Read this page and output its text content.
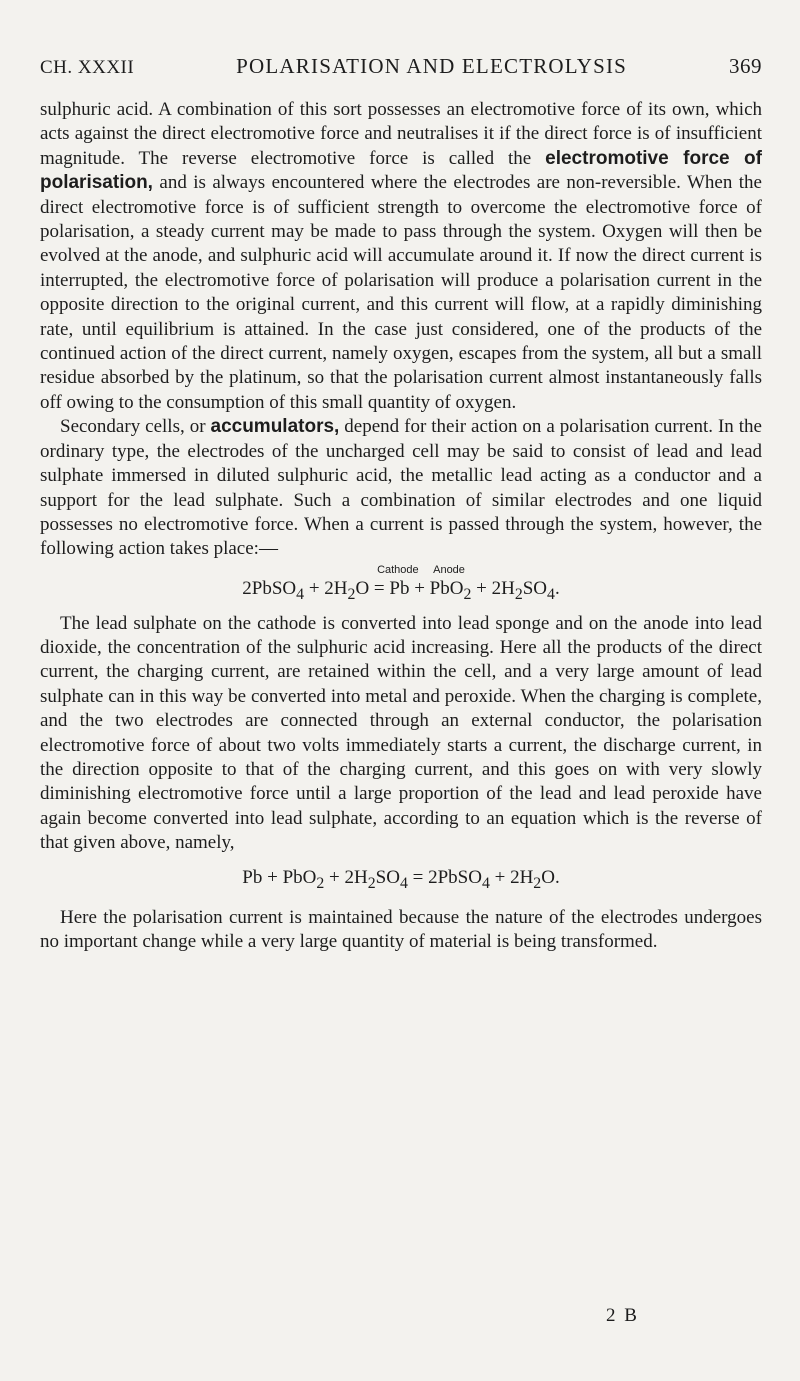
CH. XXXII	POLARISATION AND ELECTROLYSIS	369

sulphuric acid. A combination of this sort possesses an electromotive force of its own, which acts against the direct electromotive force and neutralises it if the direct force is of insufficient magnitude. The reverse electromotive force is called the electromotive force of polarisation, and is always encountered where the electrodes are non-reversible. When the direct electromotive force is of sufficient strength to overcome the electromotive force of polarisation, a steady current may be made to pass through the system. Oxygen will then be evolved at the anode, and sulphuric acid will accumulate around it. If now the direct current is interrupted, the electromotive force of polarisation will produce a polarisation current in the opposite direction to the original current, and this current will flow, at a rapidly diminishing rate, until equilibrium is attained. In the case just considered, one of the products of the continued action of the direct current, namely oxygen, escapes from the system, all but a small residue absorbed by the platinum, so that the polarisation current almost instantaneously falls off owing to the consumption of this small quantity of oxygen.

Secondary cells, or accumulators, depend for their action on a polarisation current. In the ordinary type, the electrodes of the uncharged cell may be said to consist of lead and lead sulphate immersed in diluted sulphuric acid, the metallic lead acting as a conductor and a support for the lead sulphate. Such a combination of similar electrodes and one liquid possesses no electromotive force. When a current is passed through the system, however, the following action takes place:—

Cathode Anode
2PbSO$_4$ + $2H_2O = Pb + PbO_2 + 2H_2SO_4$.

The lead sulphate on the cathode is converted into lead sponge and on the anode into lead dioxide, the concentration of the sulphuric acid increasing. Here all the products of the direct current, the charging current, are retained within the cell, and a very large amount of lead sulphate can in this way be converted into metal and peroxide. When the charging is complete, and the two electrodes are connected through an external conductor, the polarisation electromotive force of about two volts immediately starts a current, the discharge current, in the direction opposite to that of the charging current, and this goes on with very slowly diminishing electromotive force until a large proportion of the lead and lead peroxide have again become converted into lead sulphate, according to an equation which is the reverse of that given above, namely,

$Pb + PbO_2 + 2H_2SO_4$ = 2PbSO$_4$ + $2H_2O$.

Here the polarisation current is maintained because the nature of the electrodes undergoes no important change while a very large quantity of material is being transformed.

2 B
